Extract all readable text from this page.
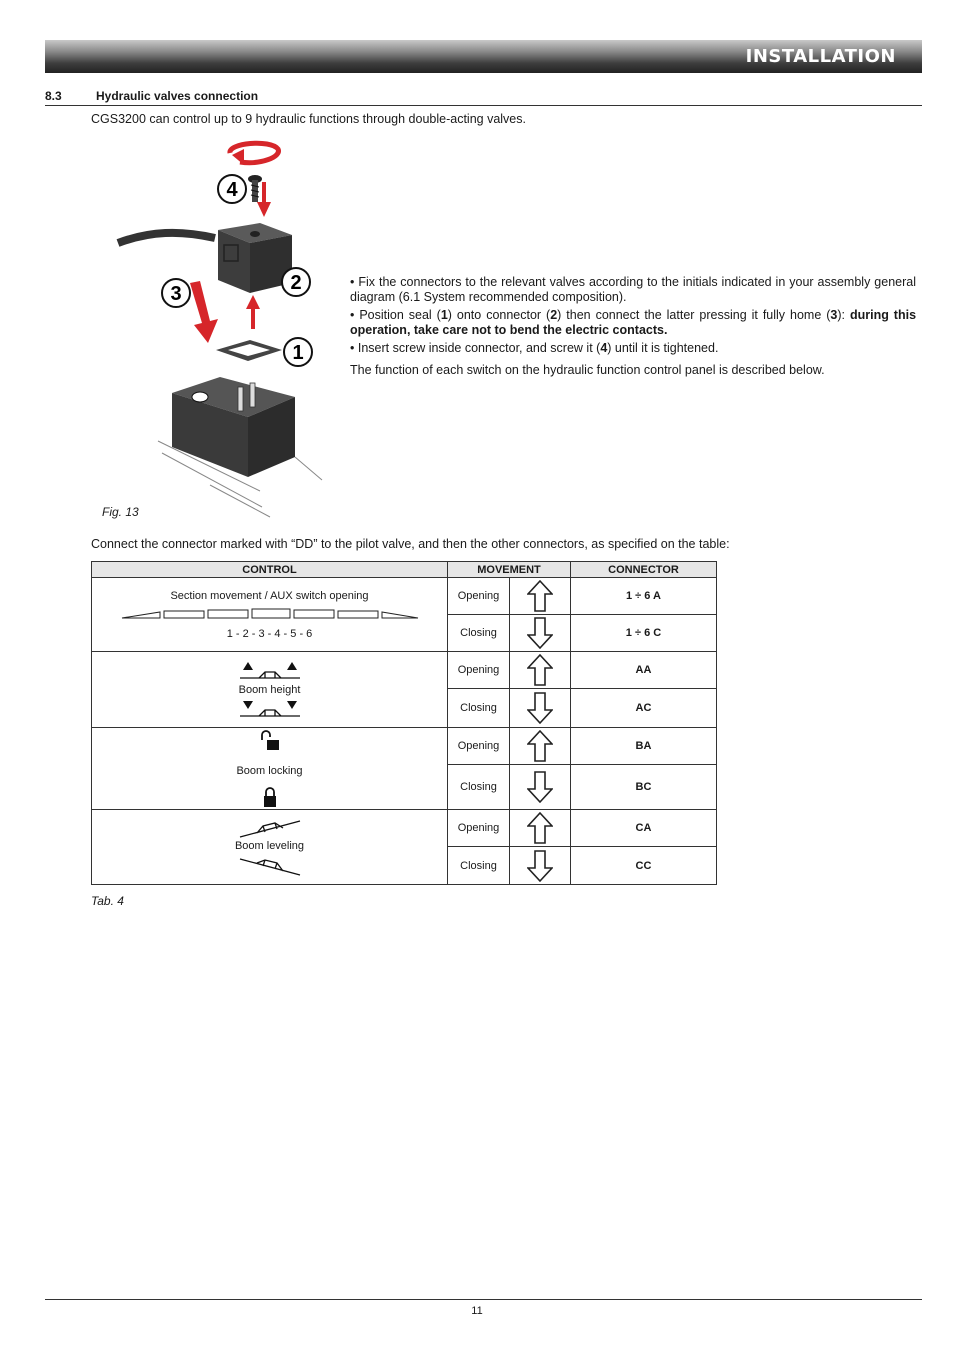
INSTALLATION
8.3	Hydraulic valves connection
CGS3200 can control up to 9 hydraulic functions through double-acting valves.
4
2
3
1
Fig. 13

• Fix the connectors to the relevant valves according to the initials indicated in your assembly general diagram (6.1 System recommended composition).

• Position seal (1) onto connector (2) then connect the latter pressing it fully home (3): during this operation, take care not to bend the electric contacts.

• Insert screw inside connector, and screw it (4) until it is tightened.

The function of each switch on the hydraulic function control panel is described below.

Connect the connector marked with “DD” to the pilot valve, and then the other connectors, as specified on the table:
CONTROL	MOVEMENT		CONNECTOR

Section movement / AUX switch opening
1 - 2 - 3 - 4 - 5 - 6	Opening		1 ÷ 6 A
	Closing		1 ÷ 6 C

Boom height	Opening		AA
	Closing		AC

Boom locking	Opening		BA
	Closing		BC

Boom leveling	Opening		CA
	Closing		CC
Tab. 4
11
